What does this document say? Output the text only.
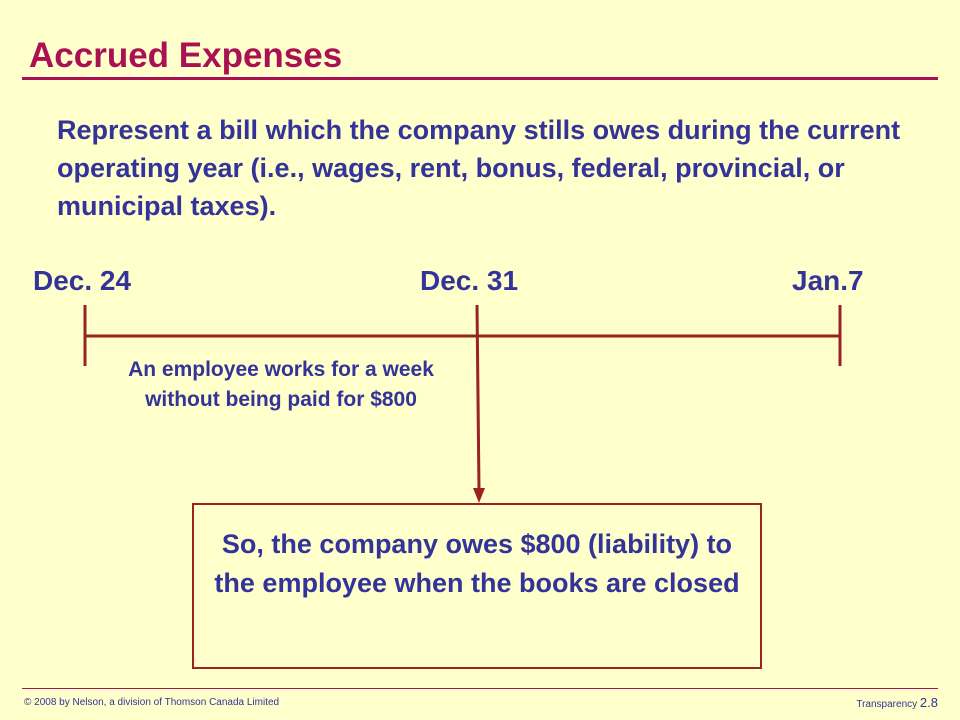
Accrued Expenses

Represent a bill which the company stills owes during the current operating year (i.e., wages, rent, bonus, federal, provincial, or municipal taxes).

Dec. 24	Dec. 31	Jan.7

An employee works for a week without being paid for $800

So, the company owes $800 (liability) to the employee when the books are closed

© 2008 by Nelson, a division of Thomson Canada Limited	Transparency 2.8
